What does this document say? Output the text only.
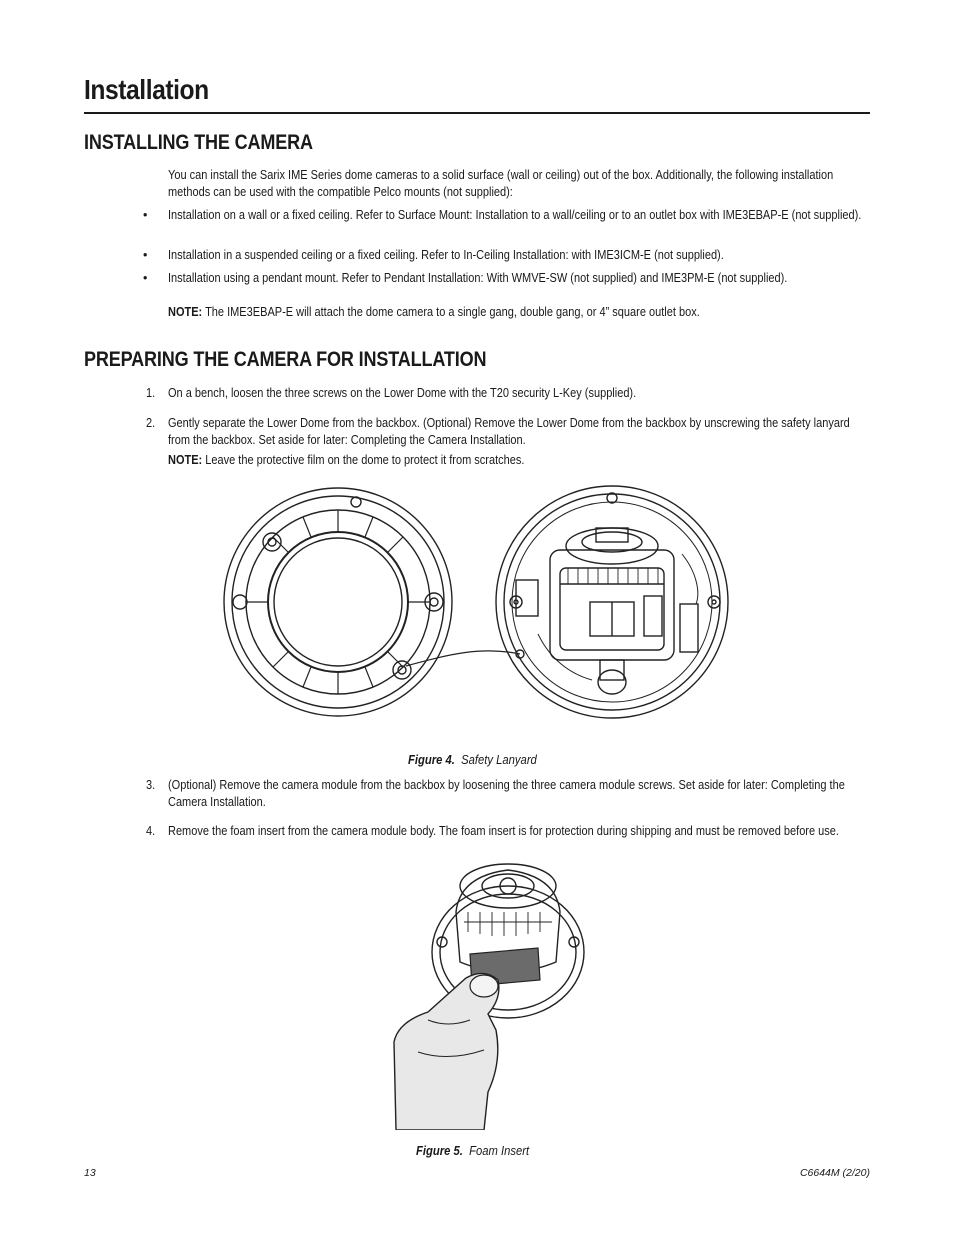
Installation
INSTALLING THE CAMERA

You can install the Sarix IME Series dome cameras to a solid surface (wall or ceiling) out of the box. Additionally, the following installation methods can be used with the compatible Pelco mounts (not supplied):

• Installation on a wall or a fixed ceiling. Refer to Surface Mount: Installation to a wall/ceiling or to an outlet box with IME3EBAP-E (not supplied).

• Installation in a suspended ceiling or a fixed ceiling. Refer to In-Ceiling Installation: with IME3ICM-E (not supplied).

• Installation using a pendant mount. Refer to Pendant Installation: With WMVE-SW (not supplied) and IME3PM-E (not supplied).

NOTE: The IME3EBAP-E will attach the dome camera to a single gang, double gang, or 4” square outlet box.

PREPARING THE CAMERA FOR INSTALLATION
1. On a bench, loosen the three screws on the Lower Dome with the T20 security L-Key (supplied).

2. Gently separate the Lower Dome from the backbox. (Optional) Remove the Lower Dome from the backbox by unscrewing the safety lanyard from the backbox. Set aside for later: Completing the Camera Installation.

NOTE: Leave the protective film on the dome to protect it from scratches.

Figure 4. Safety Lanyard

3. (Optional) Remove the camera module from the backbox by loosening the three camera module screws. Set aside for later: Completing the Camera Installation.

4. Remove the foam insert from the camera module body. The foam insert is for protection during shipping and must be removed before use.

Figure 5. Foam Insert

13	C6644M (2/20)
